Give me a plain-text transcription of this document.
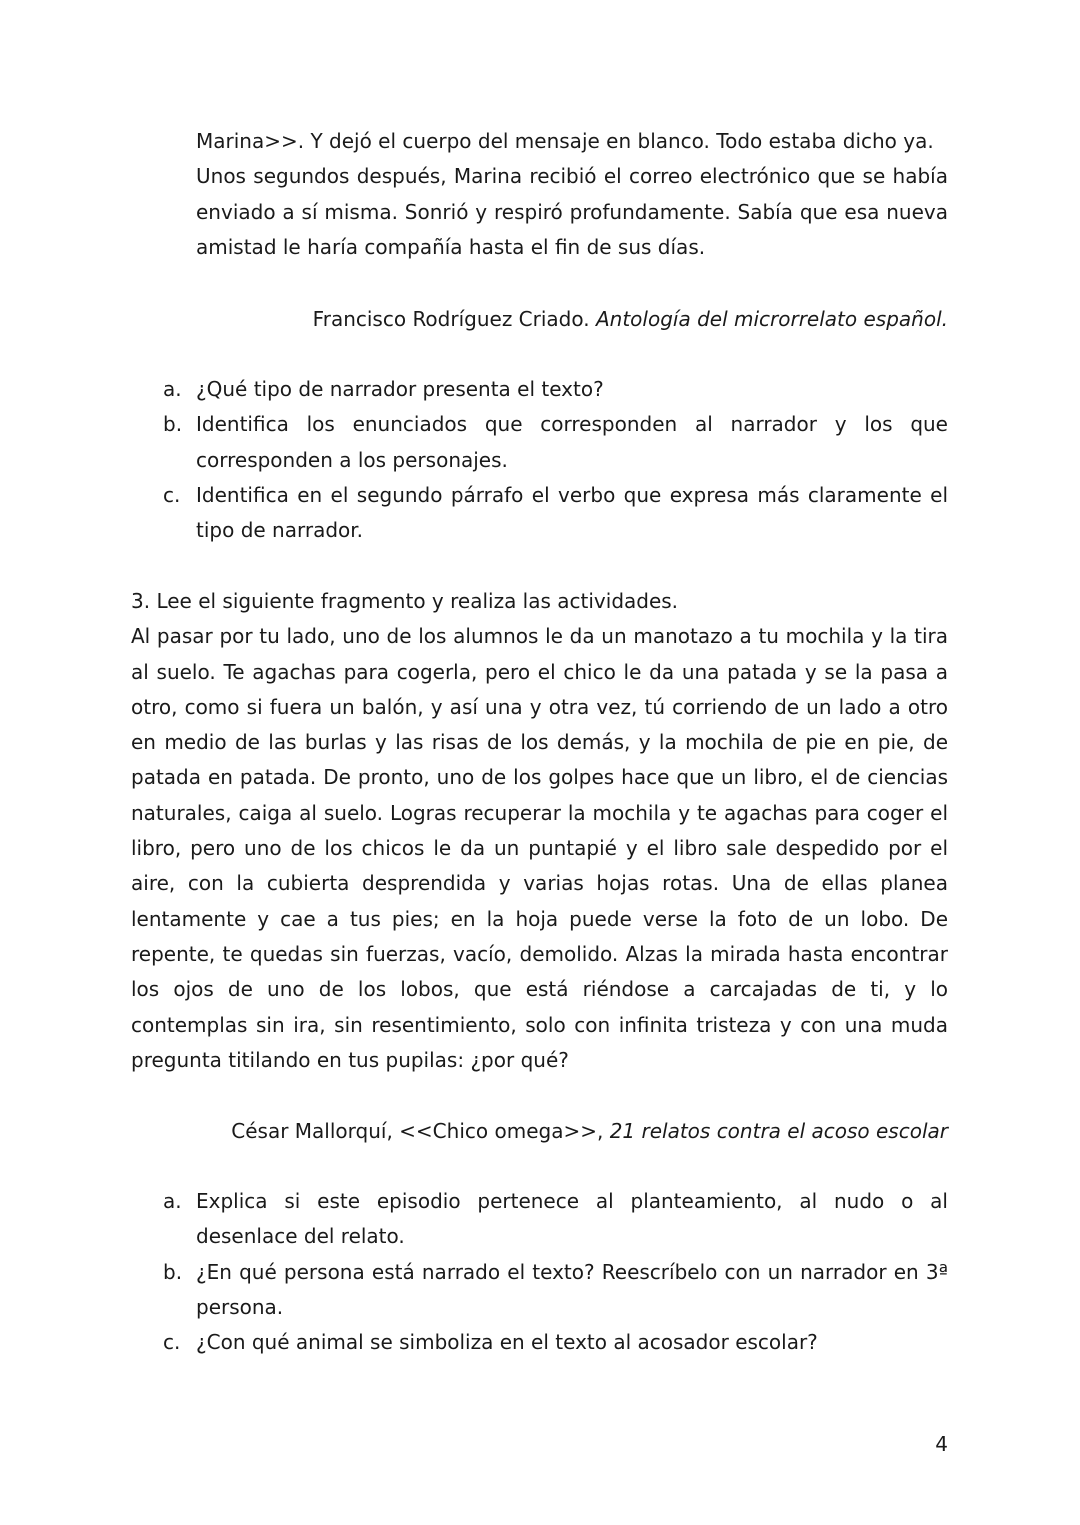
Marina>>. Y dejó el cuerpo del mensaje en blanco. Todo estaba dicho ya.

Unos segundos después, Marina recibió el correo electrónico que se había enviado a sí misma. Sonrió y respiró profundamente. Sabía que esa nueva amistad le haría compañía hasta el fin de sus días.

Francisco Rodríguez Criado. Antología del microrrelato español.
a. ¿Qué tipo de narrador presenta el texto?
b. Identifica los enunciados que corresponden al narrador y los que corresponden a los personajes.
c. Identifica en el segundo párrafo el verbo que expresa más claramente el tipo de narrador.

3. Lee el siguiente fragmento y realiza las actividades.

Al pasar por tu lado, uno de los alumnos le da un manotazo a tu mochila y la tira al suelo. Te agachas para cogerla, pero el chico le da una patada y se la pasa a otro, como si fuera un balón, y así una y otra vez, tú corriendo de un lado a otro en medio de las burlas y las risas de los demás, y la mochila de pie en pie, de patada en patada. De pronto, uno de los golpes hace que un libro, el de ciencias naturales, caiga al suelo. Logras recuperar la mochila y te agachas para coger el libro, pero uno de los chicos le da un puntapié y el libro sale despedido por el aire, con la cubierta desprendida y varias hojas rotas. Una de ellas planea lentamente y cae a tus pies; en la hoja puede verse la foto de un lobo. De repente, te quedas sin fuerzas, vacío, demolido. Alzas la mirada hasta encontrar los ojos de uno de los lobos, que está riéndose a carcajadas de ti, y lo contemplas sin ira, sin resentimiento, solo con infinita tristeza y con una muda pregunta titilando en tus pupilas: ¿por qué?

César Mallorquí, <<Chico omega>>, 21 relatos contra el acoso escolar
a. Explica si este episodio pertenece al planteamiento, al nudo o al desenlace del relato.
b. ¿En qué persona está narrado el texto? Reescríbelo con un narrador en 3ª persona.
c. ¿Con qué animal se simboliza en el texto al acosador escolar?
4
